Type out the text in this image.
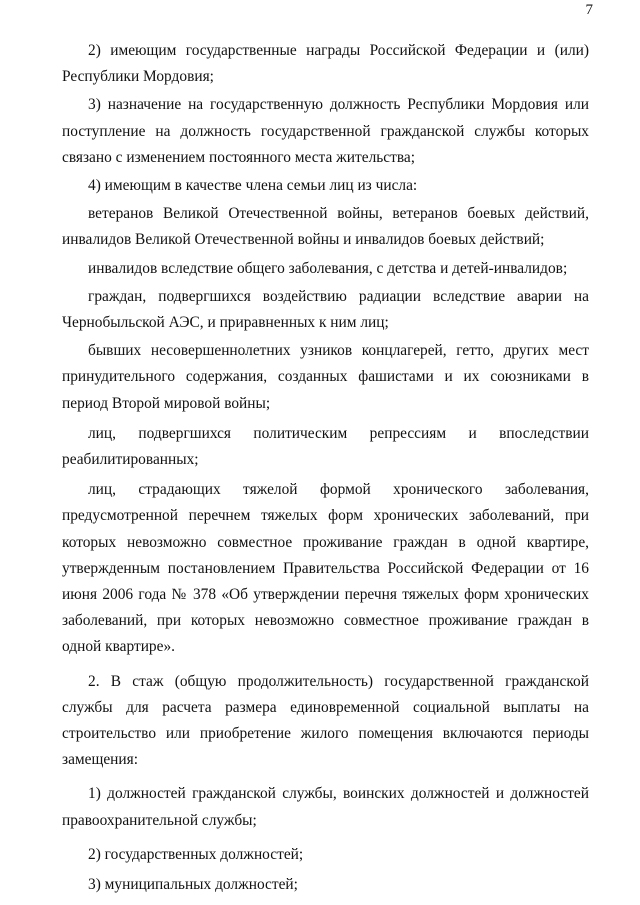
7

2) имеющим государственные награды Российской Федерации и (или) Республики Мордовия;

3) назначение на государственную должность Республики Мордовия или поступление на должность государственной гражданской службы которых связано с изменением постоянного места жительства;

4) имеющим в качестве члена семьи лиц из числа:

ветеранов Великой Отечественной войны, ветеранов боевых действий, инвалидов Великой Отечественной войны и инвалидов боевых действий;

инвалидов вследствие общего заболевания, с детства и детей-инвалидов;

граждан, подвергшихся воздействию радиации вследствие аварии на Чернобыльской АЭС, и приравненных к ним лиц;

бывших несовершеннолетних узников концлагерей, гетто, других мест принудительного содержания, созданных фашистами и их союзниками в период Второй мировой войны;

лиц, подвергшихся политическим репрессиям и впоследствии реабилитированных;

лиц, страдающих тяжелой формой хронического заболевания, предусмотренной перечнем тяжелых форм хронических заболеваний, при которых невозможно совместное проживание граждан в одной квартире, утвержденным постановлением Правительства Российской Федерации от 16 июня 2006 года № 378 «Об утверждении перечня тяжелых форм хронических заболеваний, при которых невозможно совместное проживание граждан в одной квартире».

2. В стаж (общую продолжительность) государственной гражданской службы для расчета размера единовременной социальной выплаты на строительство или приобретение жилого помещения включаются периоды замещения:

1) должностей гражданской службы, воинских должностей и должностей правоохранительной службы;

2) государственных должностей;

3) муниципальных должностей;
